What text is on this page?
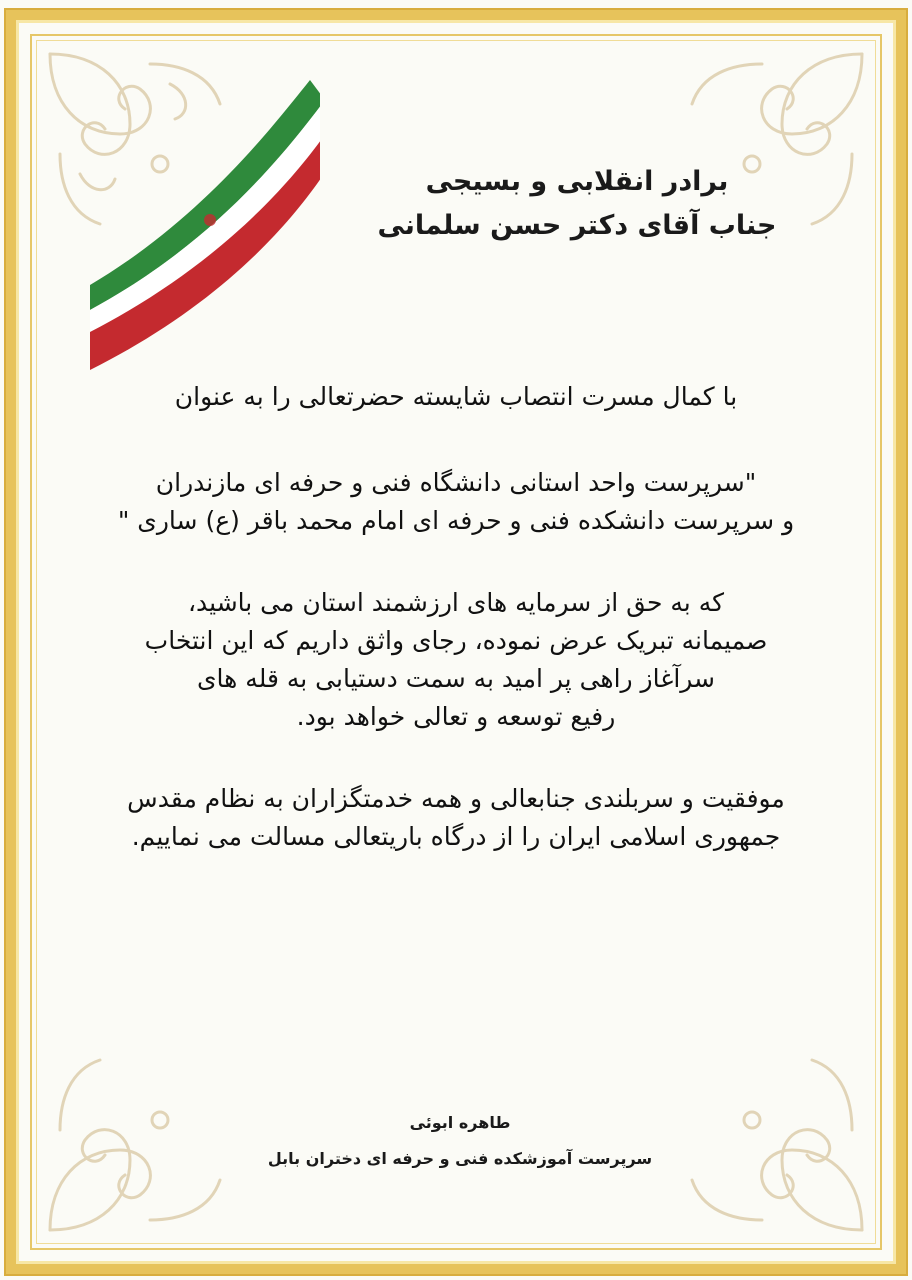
برادر انقلابی و بسیجی
جناب آقای دکتر حسن سلمانی

با کمال مسرت انتصاب شایسته حضرتعالی را به عنوان

"سرپرست واحد استانی دانشگاه فنی و حرفه ای مازندران
و سرپرست دانشکده فنی و حرفه ای امام محمد باقر (ع) ساری "

که به حق از سرمایه های ارزشمند استان می باشید،
صمیمانه تبریک عرض نموده، رجای واثق داریم که این انتخاب
سرآغاز راهی پر امید به سمت دستیابی به قله های
رفیع توسعه و تعالی خواهد بود.

موفقیت و سربلندی جنابعالی و همه خدمتگزاران به نظام مقدس
جمهوری اسلامی ایران را از درگاه باریتعالی مسالت می نماییم.

طاهره ابوئی
سرپرست آموزشکده فنی و حرفه ای دختران بابل
